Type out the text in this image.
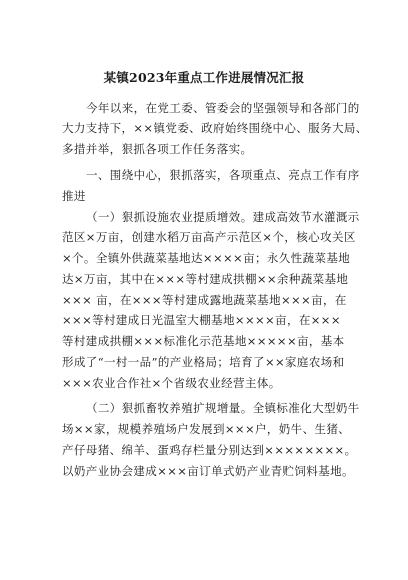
某镇2023年重点工作进展情况汇报
今年以来，在党工委、管委会的坚强领导和各部门的
大力支持下，××镇党委、政府始终围绕中心、服务大局、
多措并举，狠抓各项工作任务落实。
一、围绕中心，狠抓落实，各项重点、亮点工作有序
推进
（一）狠抓设施农业提质增效。建成高效节水灌溉示
范区×万亩，创建水稻万亩高产示范区×个，核心攻关区
×个。全镇外供蔬菜基地达××××亩；永久性蔬菜基地
达×万亩，其中在×××等村建成拱棚××余种蔬菜基地
××× 亩，在×××等村建成露地蔬菜基地×××亩，在
×××等村建成日光温室大棚基地××××亩，在×××
等村建成拱棚×××标准化示范基地×××××亩，基本
形成了“一村一品”的产业格局；培育了××家庭农场和
×××农业合作社×个省级农业经营主体。
（二）狠抓畜牧养殖扩规增量。全镇标准化大型奶牛
场××家，规模养殖场户发展到×××户，奶牛、生猪、
产仔母猪、绵羊、蛋鸡存栏量分别达到××××××××。
以奶产业协会建成×××亩订单式奶产业青贮饲料基地。
